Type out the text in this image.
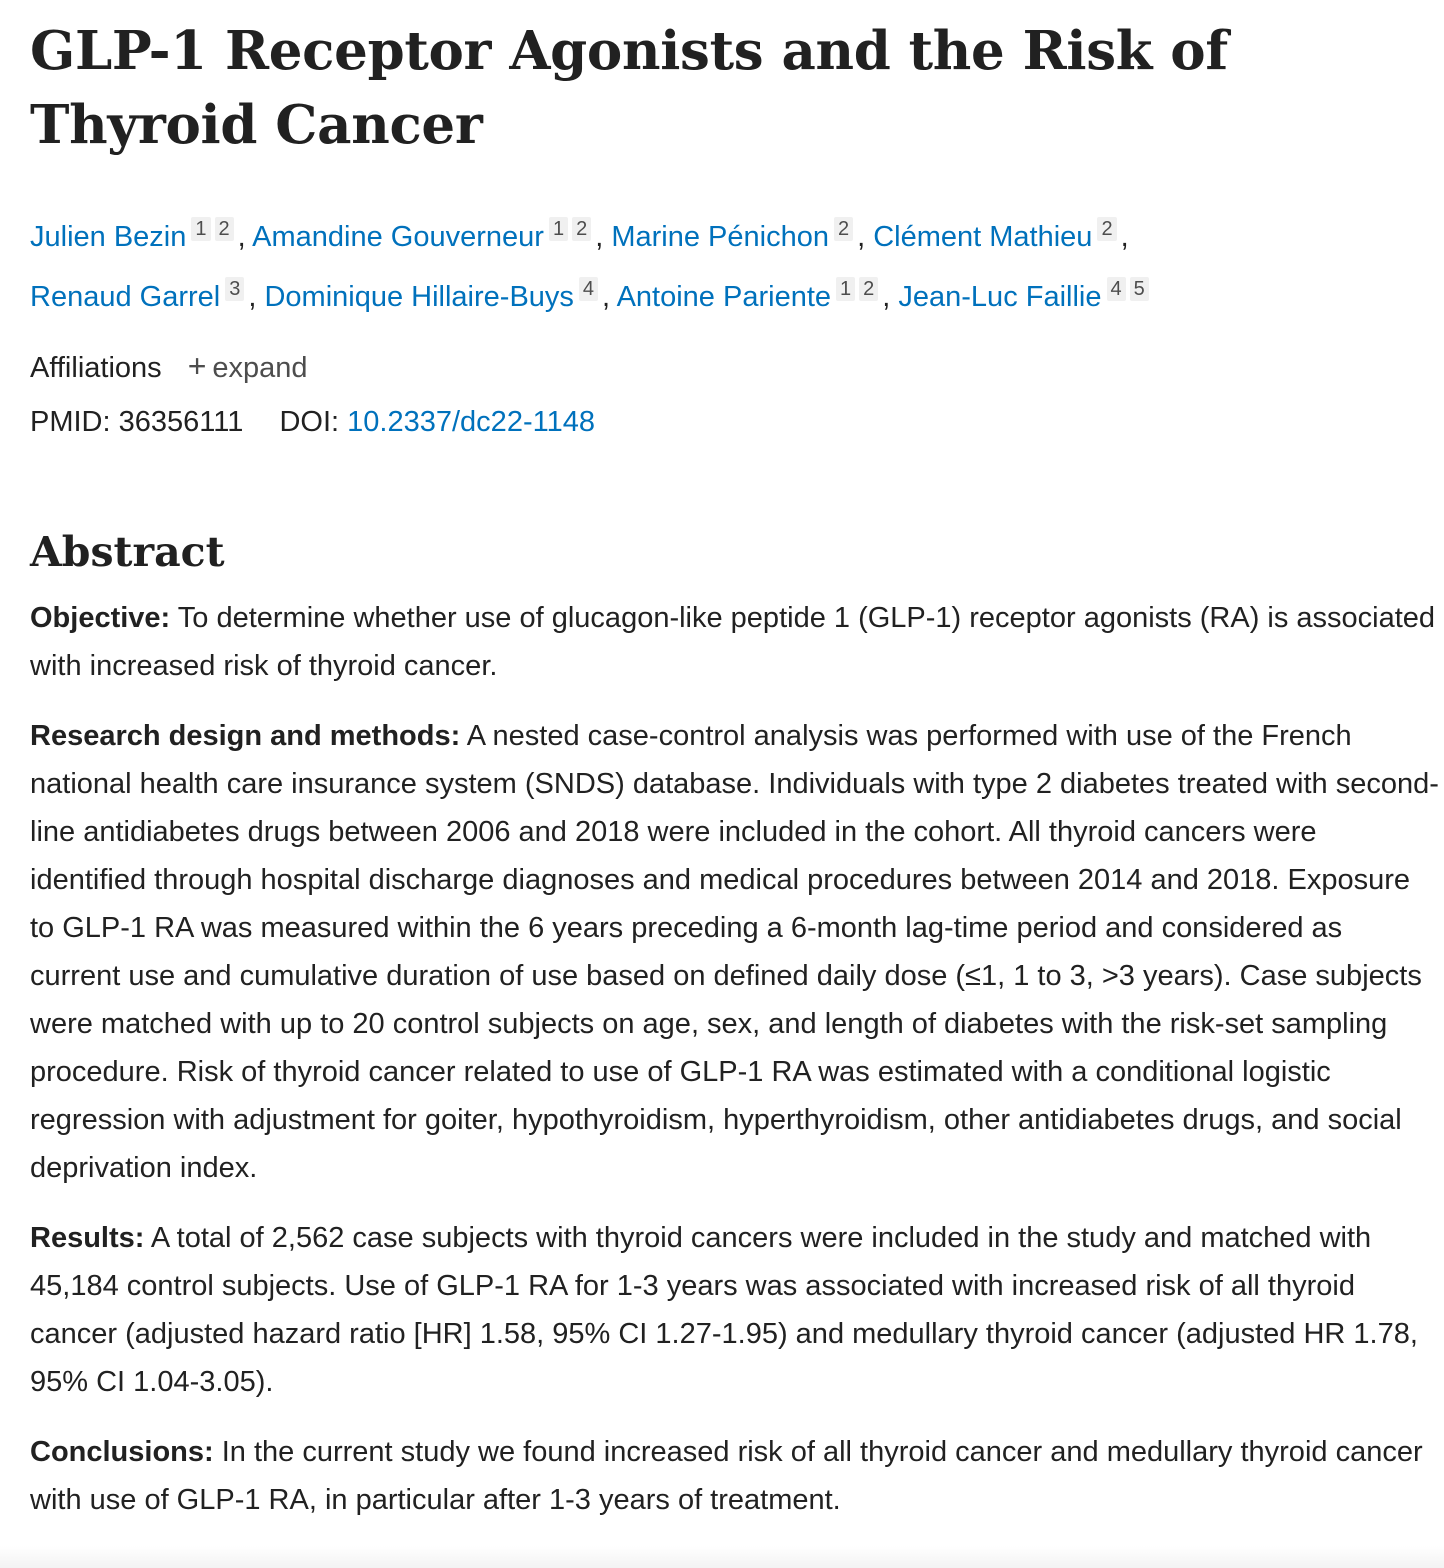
GLP-1 Receptor Agonists and the Risk of Thyroid Cancer
Julien Bezin 1 2 , Amandine Gouverneur 1 2 , Marine Pénichon 2 , Clément Mathieu 2 ,
Renaud Garrel 3 , Dominique Hillaire-Buys 4 , Antoine Pariente 1 2 , Jean-Luc Faillie 4 5
Affiliations + expand
PMID: 36356111 DOI: 10.2337/dc22-1148
Abstract

Objective: To determine whether use of glucagon-like peptide 1 (GLP-1) receptor agonists (RA) is associated with increased risk of thyroid cancer.

Research design and methods: A nested case-control analysis was performed with use of the French national health care insurance system (SNDS) database. Individuals with type 2 diabetes treated with second-line antidiabetes drugs between 2006 and 2018 were included in the cohort. All thyroid cancers were identified through hospital discharge diagnoses and medical procedures between 2014 and 2018. Exposure to GLP-1 RA was measured within the 6 years preceding a 6-month lag-time period and considered as current use and cumulative duration of use based on defined daily dose (≤1, 1 to 3, >3 years). Case subjects were matched with up to 20 control subjects on age, sex, and length of diabetes with the risk-set sampling procedure. Risk of thyroid cancer related to use of GLP-1 RA was estimated with a conditional logistic regression with adjustment for goiter, hypothyroidism, hyperthyroidism, other antidiabetes drugs, and social deprivation index.

Results: A total of 2,562 case subjects with thyroid cancers were included in the study and matched with 45,184 control subjects. Use of GLP-1 RA for 1-3 years was associated with increased risk of all thyroid cancer (adjusted hazard ratio [HR] 1.58, 95% CI 1.27-1.95) and medullary thyroid cancer (adjusted HR 1.78, 95% CI 1.04-3.05).

Conclusions: In the current study we found increased risk of all thyroid cancer and medullary thyroid cancer with use of GLP-1 RA, in particular after 1-3 years of treatment.
